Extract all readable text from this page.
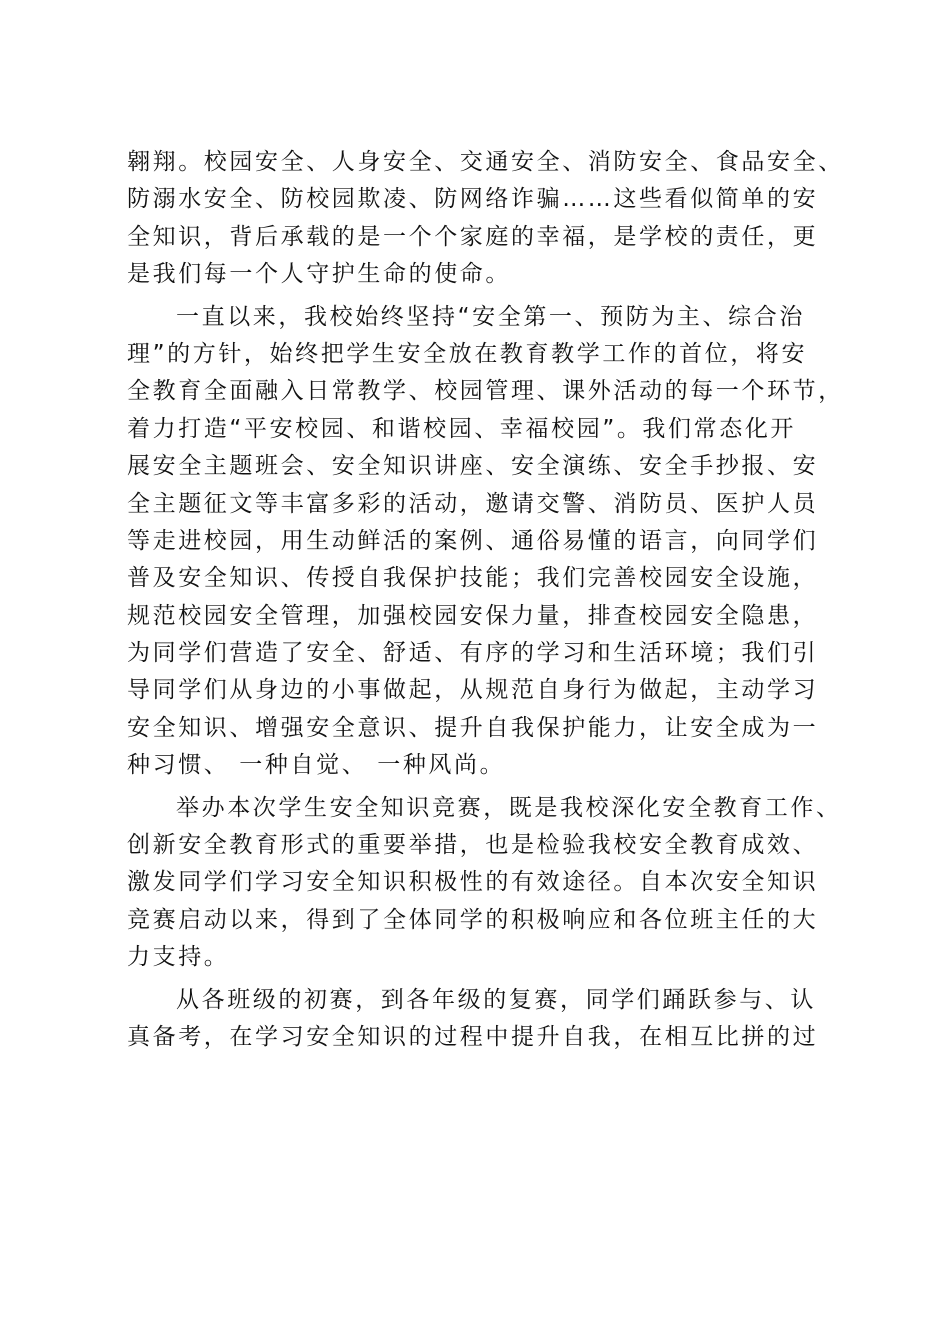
翱翔。校园安全、人身安全、交通安全、消防安全、食品安全、
防溺水安全、防校园欺凌、防网络诈骗……这些看似简单的安
全知识，背后承载的是一个个家庭的幸福，是学校的责任，更
是我们每一个人守护生命的使命。
一直以来，我校始终坚持“安全第一、预防为主、综合治
理”的方针，始终把学生安全放在教育教学工作的首位，将安
全教育全面融入日常教学、校园管理、课外活动的每一个环节，
着力打造“平安校园、和谐校园、幸福校园”。我们常态化开
展安全主题班会、安全知识讲座、安全演练、安全手抄报、安
全主题征文等丰富多彩的活动，邀请交警、消防员、医护人员
等走进校园，用生动鲜活的案例、通俗易懂的语言，向同学们
普及安全知识、传授自我保护技能；我们完善校园安全设施，
规范校园安全管理，加强校园安保力量，排查校园安全隐患，
为同学们营造了安全、舒适、有序的学习和生活环境；我们引
导同学们从身边的小事做起，从规范自身行为做起，主动学习
安全知识、增强安全意识、提升自我保护能力，让安全成为一
种习惯、 一种自觉、 一种风尚。
举办本次学生安全知识竞赛，既是我校深化安全教育工作、
创新安全教育形式的重要举措，也是检验我校安全教育成效、
激发同学们学习安全知识积极性的有效途径。自本次安全知识
竞赛启动以来，得到了全体同学的积极响应和各位班主任的大
力支持。
从各班级的初赛，到各年级的复赛，同学们踊跃参与、认
真备考，在学习安全知识的过程中提升自我，在相互比拼的过
